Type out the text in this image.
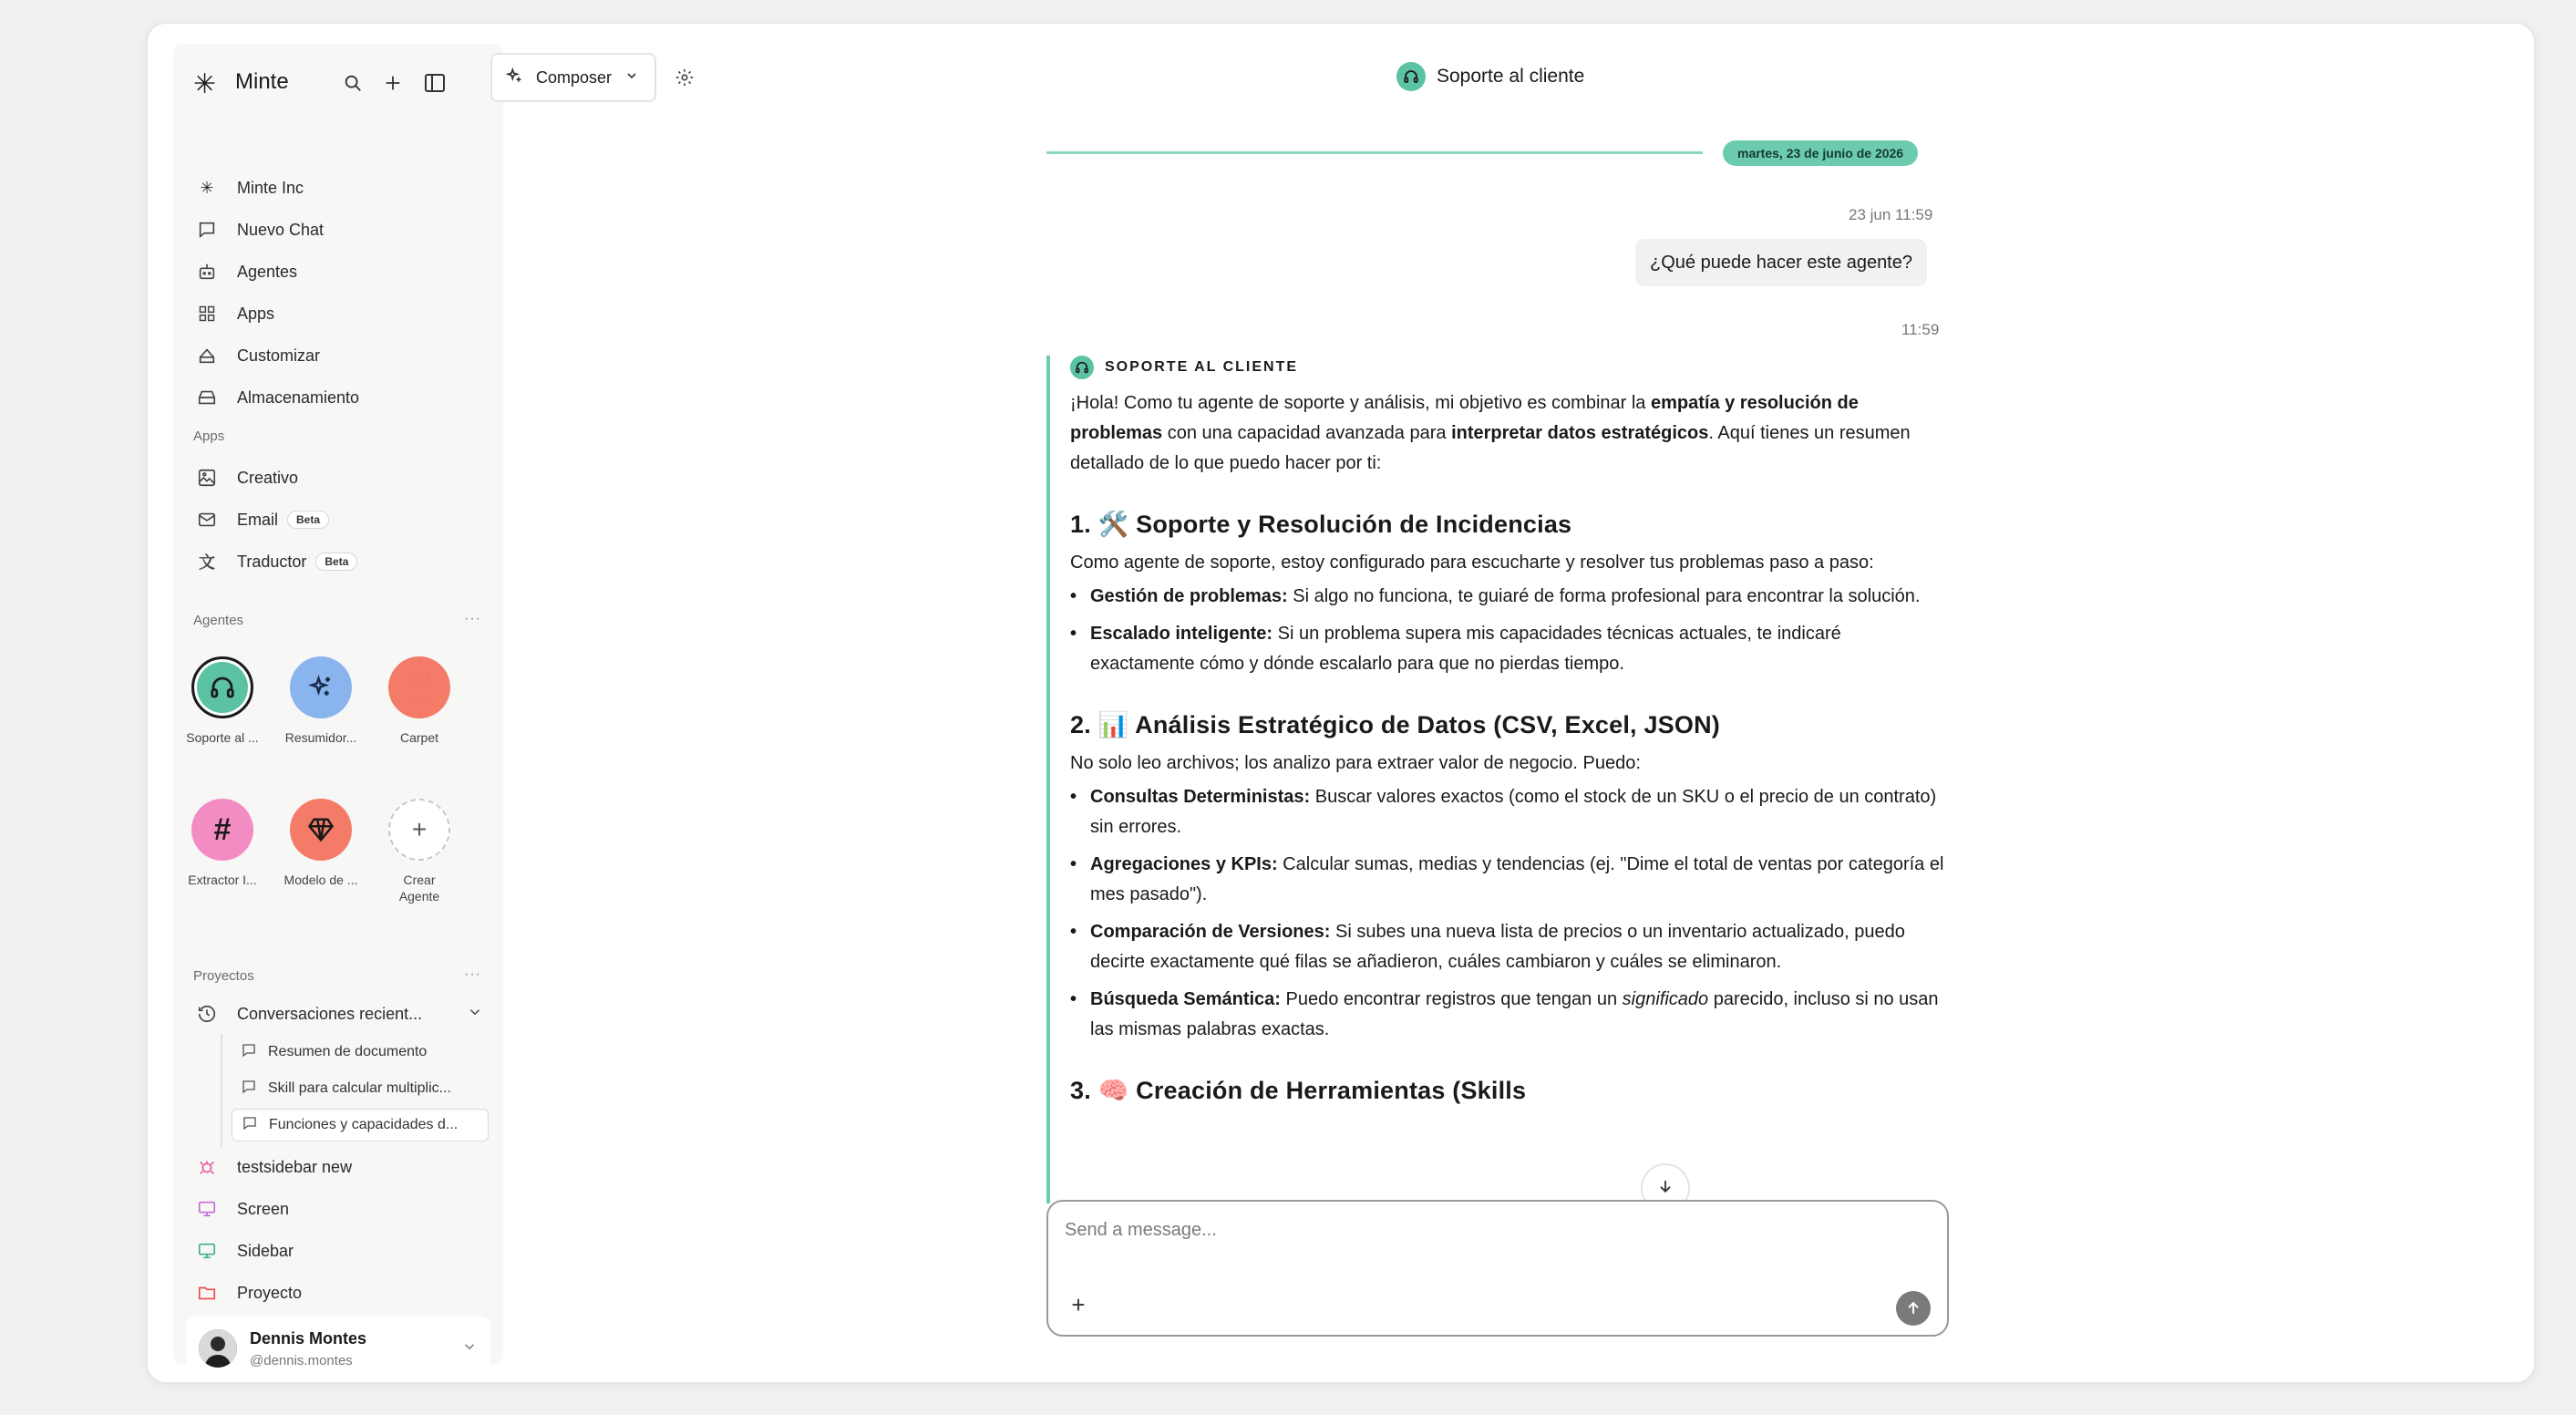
✳ Minte
✳	Minte Inc
Nuevo Chat
Agentes
Apps
Customizar
Almacenamiento
Apps
Creativo
Email	Beta
文	Traductor	Beta
Agentes	···
Soporte al ...	Resumidor...	Carpet
#
Extractor I...	Modelo de ...
+
Crear Agente
Proyectos	···
Conversaciones recient...
Resumen de documento
Skill para calcular multiplic...
Funciones y capacidades d...
testsidebar new
Screen
Sidebar
Proyecto
Dennis Montes
@dennis.montes
Composer	Soporte al cliente
martes, 23 de junio de 2026
23 jun 11:59
¿Qué puede hacer este agente?
11:59
SOPORTE AL CLIENTE

¡Hola! Como tu agente de soporte y análisis, mi objetivo es combinar la empatía y resolución de problemas con una capacidad avanzada para interpretar datos estratégicos. Aquí tienes un resumen detallado de lo que puedo hacer por ti:

1. 🛠️ Soporte y Resolución de Incidencias

Como agente de soporte, estoy configurado para escucharte y resolver tus problemas paso a paso:

• Gestión de problemas: Si algo no funciona, te guiaré de forma profesional para encontrar la solución.
• Escalado inteligente: Si un problema supera mis capacidades técnicas actuales, te indicaré exactamente cómo y dónde escalarlo para que no pierdas tiempo.
2. 📊 Análisis Estratégico de Datos (CSV, Excel, JSON)

No solo leo archivos; los analizo para extraer valor de negocio. Puedo:

• Consultas Deterministas: Buscar valores exactos (como el stock de un SKU o el precio de un contrato) sin errores.
• Agregaciones y KPIs: Calcular sumas, medias y tendencias (ej. "Dime el total de ventas por categoría el mes pasado").
• Comparación de Versiones: Si subes una nueva lista de precios o un inventario actualizado, puedo decirte exactamente qué filas se añadieron, cuáles cambiaron y cuáles se eliminaron.
• Búsqueda Semántica: Puedo encontrar registros que tengan un significado parecido, incluso si no usan las mismas palabras exactas.
3. 🧠 Creación de Herramientas (Skills
Send a message...
+
